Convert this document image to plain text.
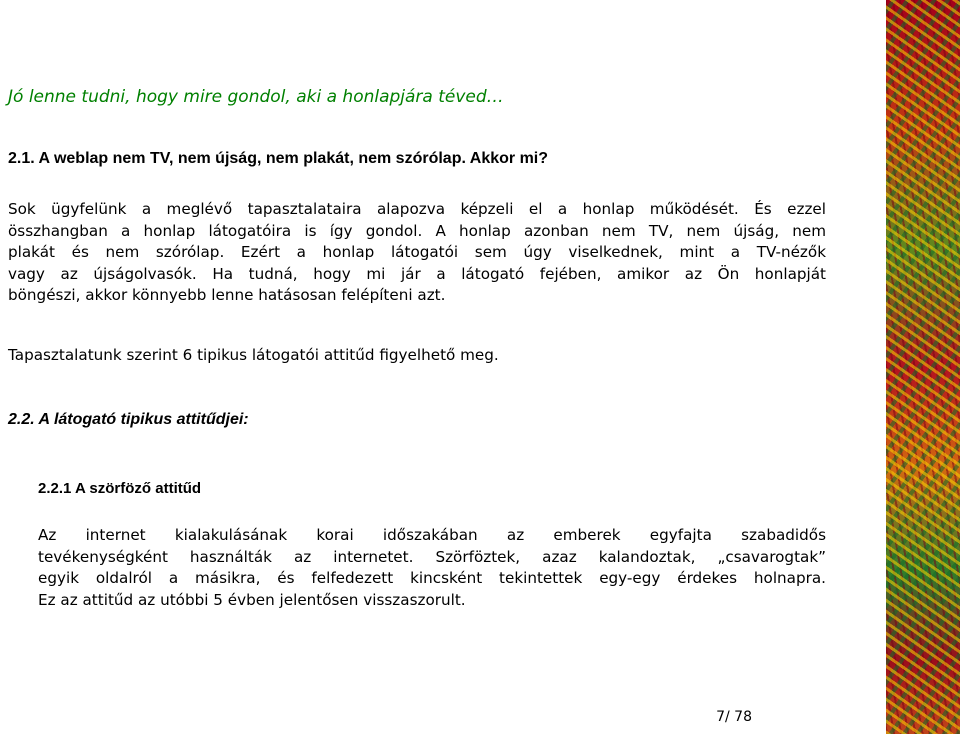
Jó lenne tudni, hogy mire gondol, aki a honlapjára téved…

2.1. A weblap nem TV, nem újság, nem plakát, nem szórólap. Akkor mi?

Sok ügyfelünk a meglévő tapasztalataira alapozva képzeli el a honlap működését. És ezzel
összhangban a honlap látogatóira is így gondol. A honlap azonban nem TV, nem újság, nem
plakát és nem szórólap. Ezért a honlap látogatói sem úgy viselkednek, mint a TV-nézők
vagy az újságolvasók. Ha tudná, hogy mi jár a látogató fejében, amikor az Ön honlapját
böngészi, akkor könnyebb lenne hatásosan felépíteni azt.

Tapasztalatunk szerint 6 tipikus látogatói attitűd figyelhető meg.

2.2. A látogató tipikus attitűdjei:

2.2.1 A szörföző attitűd

Az internet kialakulásának korai időszakában az emberek egyfajta szabadidős
tevékenységként használták az internetet. Szörföztek, azaz kalandoztak, „csavarogtak”
egyik oldalról a másikra, és felfedezett kincsként tekintettek egy-egy érdekes holnapra.
Ez az attitűd az utóbbi 5 évben jelentősen visszaszorult.
7/ 78
